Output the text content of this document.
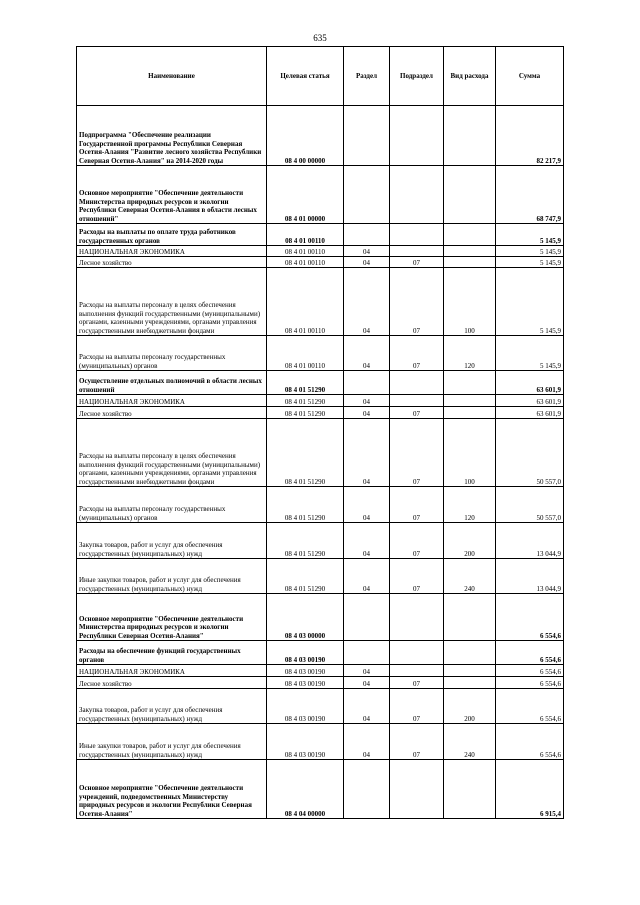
635
Наименование	Целевая статья	Раздел	Подраздел	Вид расхода	Сумма
Подпрограмма "Обеспечение реализации Государственной программы Республики Северная Осетия-Алания "Развитие лесного хозяйства Республики Северная Осетия-Алания" на 2014-2020 годы	08 4 00 00000				82 217,9
Основное мероприятие "Обеспечение деятельности Министерства природных ресурсов и экологии Республики Северная Осетия-Алания в области лесных отношений"	08 4 01 00000				68 747,9
Расходы на выплаты по оплате труда работников государственных органов	08 4 01 00110				5 145,9
НАЦИОНАЛЬНАЯ ЭКОНОМИКА	08 4 01 00110	04			5 145,9
Лесное хозяйство	08 4 01 00110	04	07		5 145,9
Расходы на выплаты персоналу в целях обеспечения выполнения функций государственными (муниципальными) органами, казенными учреждениями, органами управления государственными внебюджетными фондами	08 4 01 00110	04	07	100	5 145,9
Расходы на выплаты персоналу государственных (муниципальных) органов	08 4 01 00110	04	07	120	5 145,9
Осуществление отдельных полномочий в области лесных отношений	08 4 01 51290				63 601,9
НАЦИОНАЛЬНАЯ ЭКОНОМИКА	08 4 01 51290	04			63 601,9
Лесное хозяйство	08 4 01 51290	04	07		63 601,9
Расходы на выплаты персоналу в целях обеспечения выполнения функций государственными (муниципальными) органами, казенными учреждениями, органами управления государственными внебюджетными фондами	08 4 01 51290	04	07	100	50 557,0
Расходы на выплаты персоналу государственных (муниципальных) органов	08 4 01 51290	04	07	120	50 557,0
Закупка товаров, работ и услуг для обеспечения государственных (муниципальных) нужд	08 4 01 51290	04	07	200	13 044,9
Иные закупки товаров, работ и услуг для обеспечения государственных (муниципальных) нужд	08 4 01 51290	04	07	240	13 044,9
Основное мероприятие "Обеспечение деятельности Министерства природных ресурсов и экологии Республики Северная Осетия-Алания"	08 4 03 00000				6 554,6
Расходы на обеспечение функций государственных органов	08 4 03 00190				6 554,6
НАЦИОНАЛЬНАЯ ЭКОНОМИКА	08 4 03 00190	04			6 554,6
Лесное хозяйство	08 4 03 00190	04	07		6 554,6
Закупка товаров, работ и услуг для обеспечения государственных (муниципальных) нужд	08 4 03 00190	04	07	200	6 554,6
Иные закупки товаров, работ и услуг для обеспечения государственных (муниципальных) нужд	08 4 03 00190	04	07	240	6 554,6
Основное мероприятие "Обеспечение деятельности учреждений, подведомственных Министерству природных ресурсов и экологии Республики Северная Осетия-Алания"	08 4 04 00000				6 915,4
